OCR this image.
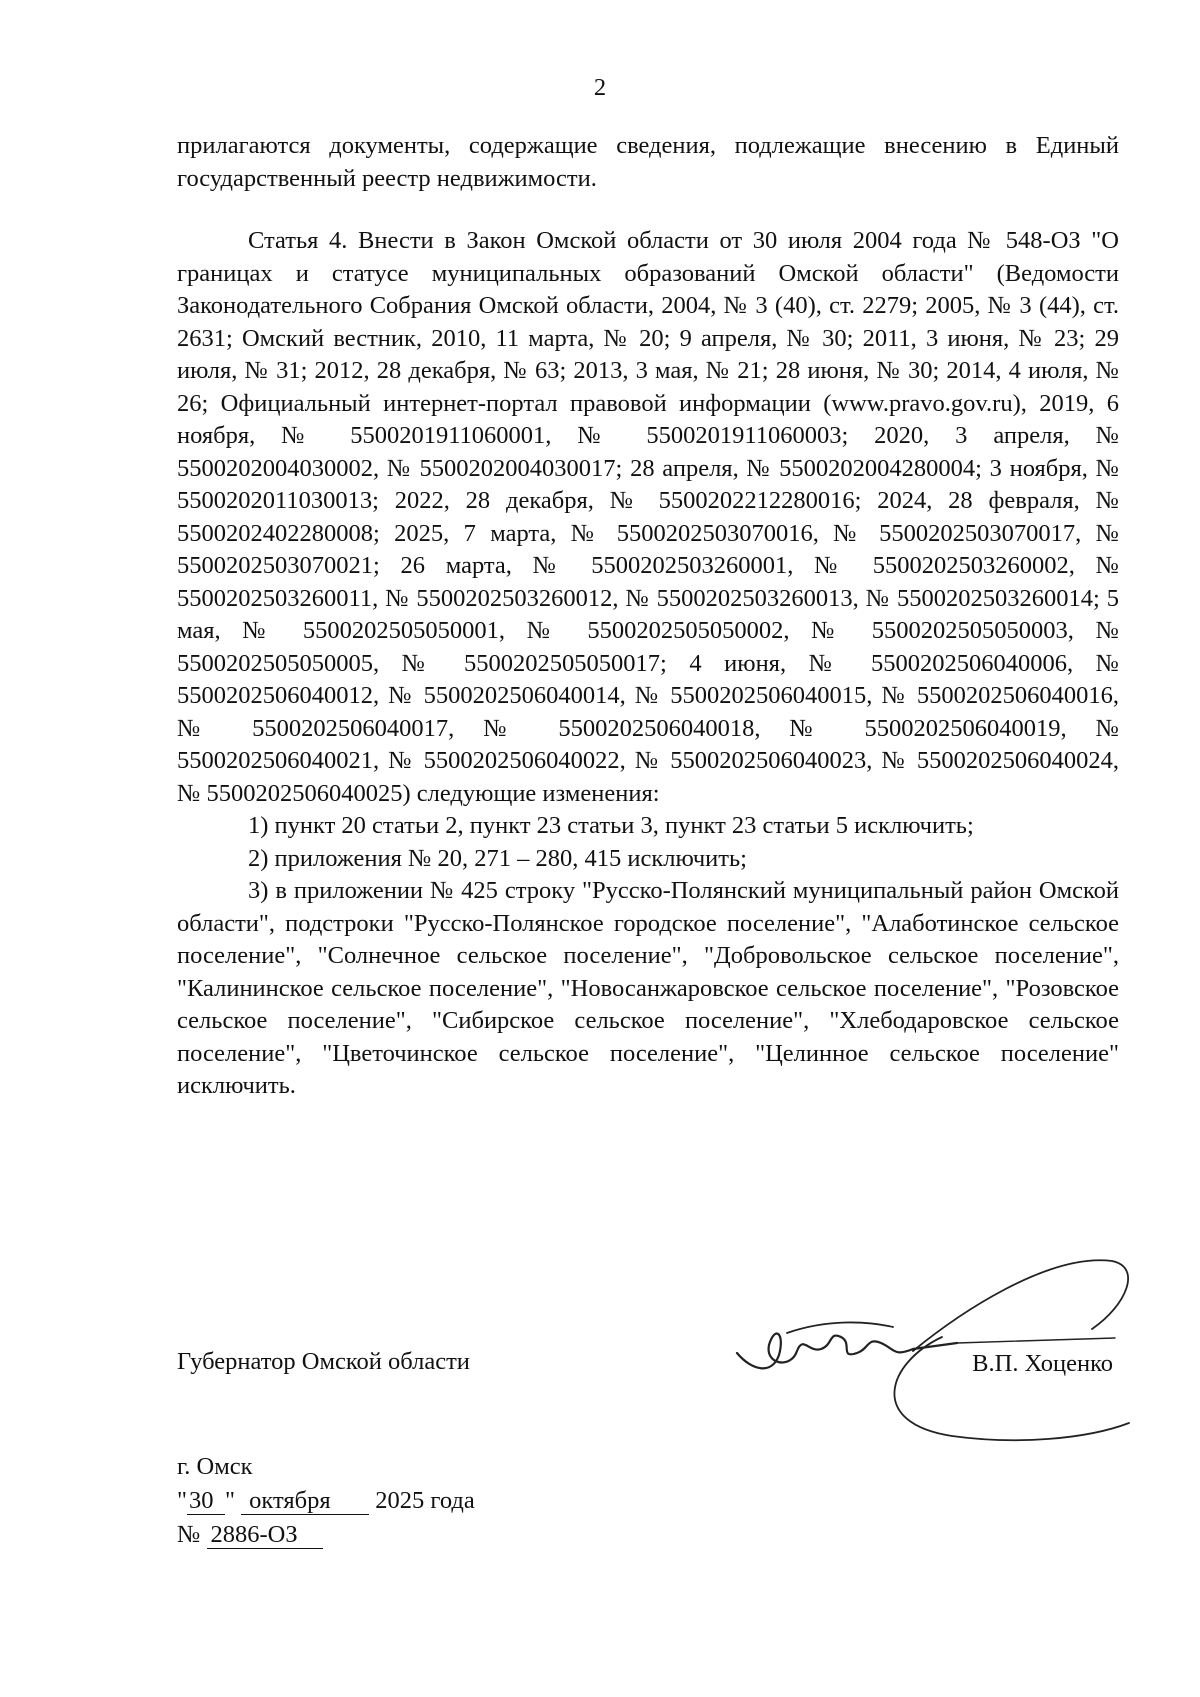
2

прилагаются документы, содержащие сведения, подлежащие внесению в Единый государственный реестр недвижимости.

Статья 4. Внести в Закон Омской области от 30 июля 2004 года № 548-ОЗ "О границах и статусе муниципальных образований Омской области" (Ведомости Законодательного Собрания Омской области, 2004, № 3 (40), ст. 2279; 2005, № 3 (44), ст. 2631; Омский вестник, 2010, 11 марта, № 20; 9 апреля, № 30; 2011, 3 июня, № 23; 29 июля, № 31; 2012, 28 декабря, № 63; 2013, 3 мая, № 21; 28 июня, № 30; 2014, 4 июля, № 26; Официальный интернет-портал правовой информации (www.pravo.gov.ru), 2019, 6 ноября, № 5500201911060001, № 5500201911060003; 2020, 3 апреля, № 5500202004030002, № 5500202004030017; 28 апреля, № 5500202004280004; 3 ноября, № 5500202011030013; 2022, 28 декабря, № 5500202212280016; 2024, 28 февраля, № 5500202402280008; 2025, 7 марта, № 5500202503070016, № 5500202503070017, № 5500202503070021; 26 марта, № 5500202503260001, № 5500202503260002, № 5500202503260011, № 5500202503260012, № 5500202503260013, № 5500202503260014; 5 мая, № 5500202505050001, № 5500202505050002, № 5500202505050003, № 5500202505050005, № 5500202505050017; 4 июня, № 5500202506040006, № 5500202506040012, № 5500202506040014, № 5500202506040015, № 5500202506040016, № 5500202506040017, № 5500202506040018, № 5500202506040019, № 5500202506040021, № 5500202506040022, № 5500202506040023, № 5500202506040024, № 5500202506040025) следующие изменения:

1) пункт 20 статьи 2, пункт 23 статьи 3, пункт 23 статьи 5 исключить;

2) приложения № 20, 271 – 280, 415 исключить;

3) в приложении № 425 строку "Русско-Полянский муниципальный район Омской области", подстроки "Русско-Полянское городское поселение", "Алаботинское сельское поселение", "Солнечное сельское поселение", "Добровольское сельское поселение", "Калининское сельское поселение", "Новосанжаровское сельское поселение", "Розовское сельское поселение", "Сибирское сельское поселение", "Хлебодаровское сельское поселение", "Цветочинское сельское поселение", "Целинное сельское поселение" исключить.

Губернатор Омской области	В.П. Хоценко
г. Омск
"30 " октября 2025 года
№ 2886-ОЗ
